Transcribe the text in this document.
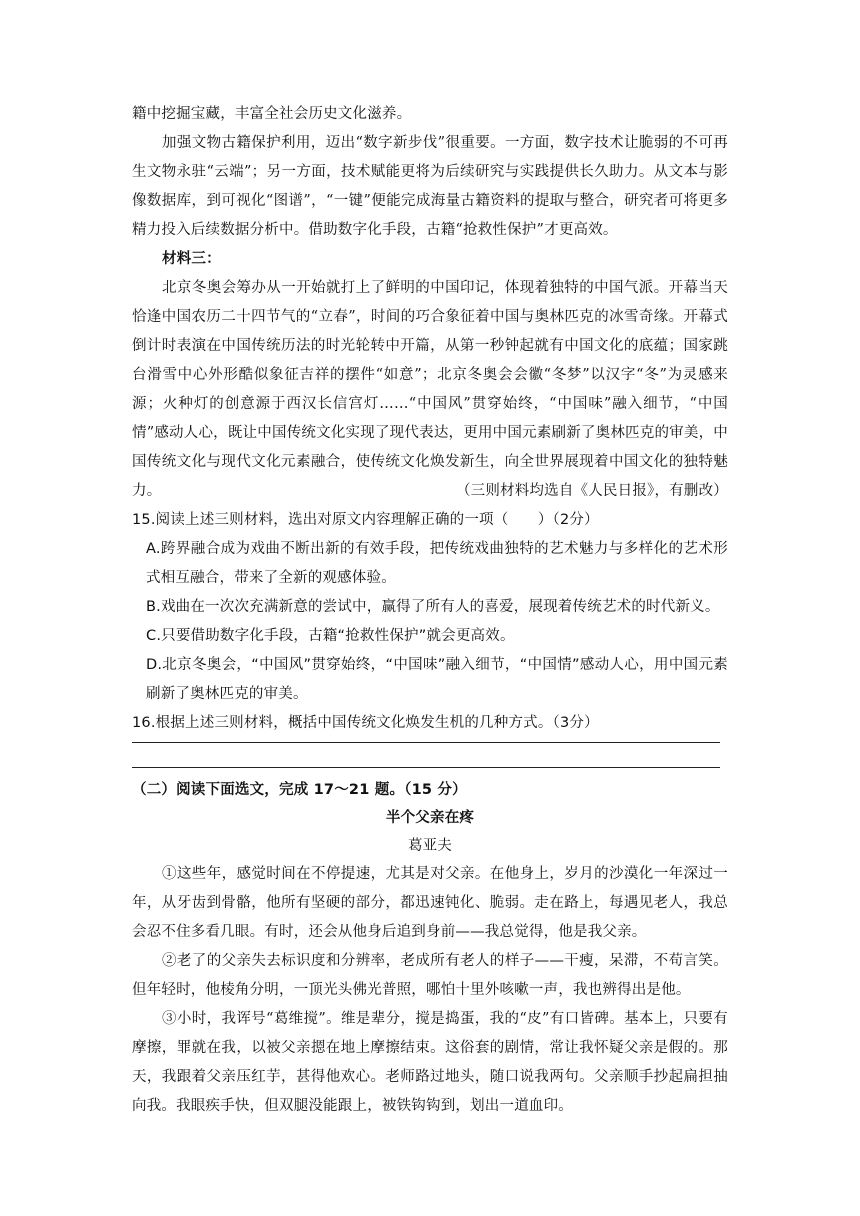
籍中挖掘宝藏，丰富全社会历史文化滋养。

加强文物古籍保护利用，迈出“数字新步伐”很重要。一方面，数字技术让脆弱的不可再生文物永驻“云端”；另一方面，技术赋能更将为后续研究与实践提供长久助力。从文本与影像数据库，到可视化“图谱”，“一键”便能完成海量古籍资料的提取与整合，研究者可将更多精力投入后续数据分析中。借助数字化手段，古籍“抢救性保护”才更高效。

材料三：

北京冬奥会筹办从一开始就打上了鲜明的中国印记，体现着独特的中国气派。开幕当天恰逢中国农历二十四节气的“立春”，时间的巧合象征着中国与奥林匹克的冰雪奇缘。开幕式倒计时表演在中国传统历法的时光轮转中开篇，从第一秒钟起就有中国文化的底蕴；国家跳台滑雪中心外形酷似象征吉祥的摆件“如意”；北京冬奥会会徽“冬梦”以汉字“冬”为灵感来源；火种灯的创意源于西汉长信宫灯……“中国风”贯穿始终，“中国味”融入细节，“中国情”感动人心，既让中国传统文化实现了现代表达，更用中国元素刷新了奥林匹克的审美，中国传统文化与现代文化元素融合，使传统文化焕发新生，向全世界展现着中国文化的独特魅力。	（三则材料均选自《人民日报》，有删改）

15.阅读上述三则材料，选出对原文内容理解正确的一项（　　）（2分）

A.跨界融合成为戏曲不断出新的有效手段，把传统戏曲独特的艺术魅力与多样化的艺术形式相互融合，带来了全新的观感体验。

B.戏曲在一次次充满新意的尝试中，赢得了所有人的喜爱，展现着传统艺术的时代新义。

C.只要借助数字化手段，古籍“抢救性保护”就会更高效。

D.北京冬奥会，“中国风”贯穿始终，“中国味”融入细节，“中国情”感动人心，用中国元素刷新了奥林匹克的审美。

16.根据上述三则材料，概括中国传统文化焕发生机的几种方式。（3分）

（二）阅读下面选文，完成 17～21 题。（15 分）

半个父亲在疼

葛亚夫

①这些年，感觉时间在不停提速，尤其是对父亲。在他身上，岁月的沙漠化一年深过一年，从牙齿到骨骼，他所有坚硬的部分，都迅速钝化、脆弱。走在路上，每遇见老人，我总会忍不住多看几眼。有时，还会从他身后追到身前——我总觉得，他是我父亲。

②老了的父亲失去标识度和分辨率，老成所有老人的样子——干瘦，呆滞，不苟言笑。但年轻时，他棱角分明，一顶光头佛光普照，哪怕十里外咳嗽一声，我也辨得出是他。

③小时，我诨号“葛维搅”。维是辈分，搅是捣蛋，我的“皮”有口皆碑。基本上，只要有摩擦，罪就在我，以被父亲摁在地上摩擦结束。这俗套的剧情，常让我怀疑父亲是假的。那天，我跟着父亲压红芋，甚得他欢心。老师路过地头，随口说我两句。父亲顺手抄起扁担抽向我。我眼疾手快，但双腿没能跟上，被铁钩钩到，划出一道血印。
